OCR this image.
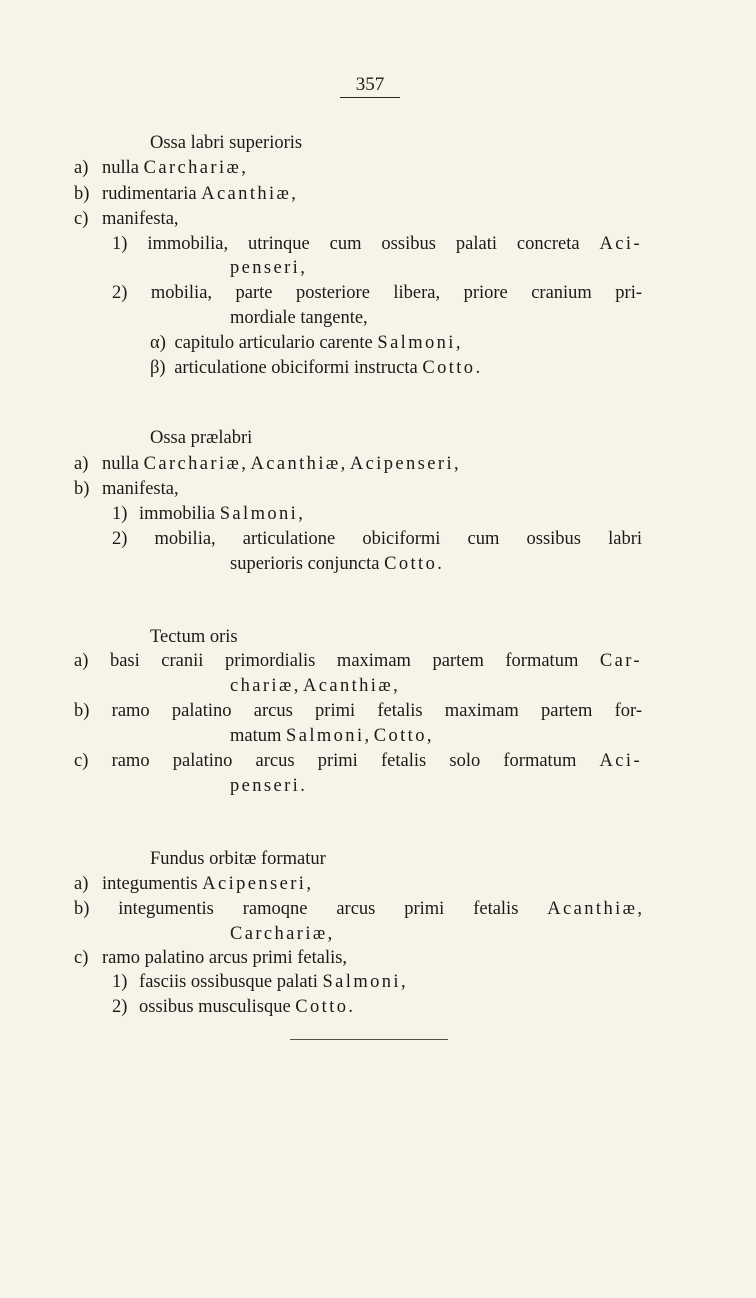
357
Ossa labri superioris
a) nulla Carchariæ,
b) rudimentaria Acanthiæ,
c) manifesta,
1) immobilia, utrinque cum ossibus palati concreta Aci-
penseri,
2) mobilia, parte posteriore libera, priore cranium pri-
mordiale tangente,
α) capitulo articulario carente Salmoni,
β) articulatione obiciformi instructa Cotto.
Ossa prælabri
a) nulla Carchariæ, Acanthiæ, Acipenseri,
b) manifesta,
1) immobilia Salmoni,
2) mobilia, articulatione obiciformi cum ossibus labri
superioris conjuncta Cotto.
Tectum oris
a) basi cranii primordialis maximam partem formatum Car-
chariæ, Acanthiæ,
b) ramo palatino arcus primi fetalis maximam partem for-
matum Salmoni, Cotto,
c) ramo palatino arcus primi fetalis solo formatum Aci-
penseri.
Fundus orbitæ formatur
a) integumentis Acipenseri,
b) integumentis ramoqne arcus primi fetalis Acanthiæ,
Carchariæ,
c) ramo palatino arcus primi fetalis,
1) fasciis ossibusque palati Salmoni,
2) ossibus musculisque Cotto.
